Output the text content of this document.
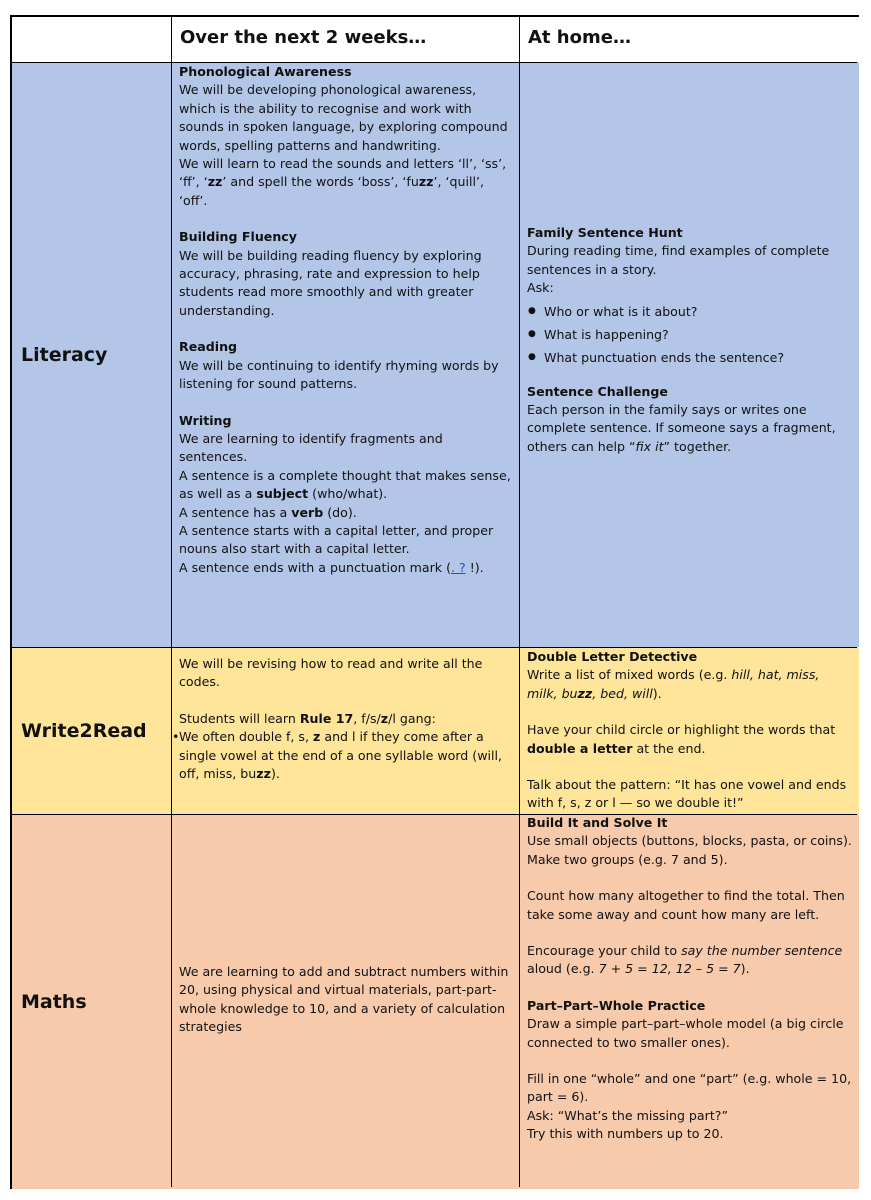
Over the next 2 weeks…	At home…
Literacy

Phonological Awareness

We will be developing phonological awareness, which is the ability to recognise and work with sounds in spoken language, by exploring compound words, spelling patterns and handwriting.

We will learn to read the sounds and letters ‘ll’, ‘ss’, ‘ff’, ‘zz’ and spell the words ‘boss’, ‘fuzz’, ‘quill’, ‘off’.

Building Fluency

We will be building reading fluency by exploring accuracy, phrasing, rate and expression to help students read more smoothly and with greater understanding.

Reading

We will be continuing to identify rhyming words by listening for sound patterns.

Writing

We are learning to identify fragments and sentences.

A sentence is a complete thought that makes sense, as well as a subject (who/what).

A sentence has a verb (do).

A sentence starts with a capital letter, and proper nouns also start with a capital letter.

A sentence ends with a punctuation mark (. ? !).

Family Sentence Hunt

During reading time, find examples of complete sentences in a story.

Ask:

● Who or what is it about?
● What is happening?
● What punctuation ends the sentence?

Sentence Challenge

Each person in the family says or writes one complete sentence. If someone says a fragment, others can help “fix it” together.

Write2Read

We will be revising how to read and write all the codes.

Students will learn Rule 17, f/s/z/l gang:

• We often double f, s, z and l if they come after a single vowel at the end of a one syllable word (will, off, miss, buzz).

Double Letter Detective

Write a list of mixed words (e.g. hill, hat, miss, milk, buzz, bed, will).

Have your child circle or highlight the words that double a letter at the end.

Talk about the pattern: “It has one vowel and ends with f, s, z or l — so we double it!”

Maths

We are learning to add and subtract numbers within 20, using physical and virtual materials, part-part-whole knowledge to 10, and a variety of calculation strategies

Build It and Solve It

Use small objects (buttons, blocks, pasta, or coins).

Make two groups (e.g. 7 and 5).

Count how many altogether to find the total. Then take some away and count how many are left.

Encourage your child to say the number sentence aloud (e.g. 7 + 5 = 12, 12 – 5 = 7).

Part–Part–Whole Practice

Draw a simple part–part–whole model (a big circle connected to two smaller ones).

Fill in one “whole” and one “part” (e.g. whole = 10, part = 6).

Ask: “What’s the missing part?”

Try this with numbers up to 20.
